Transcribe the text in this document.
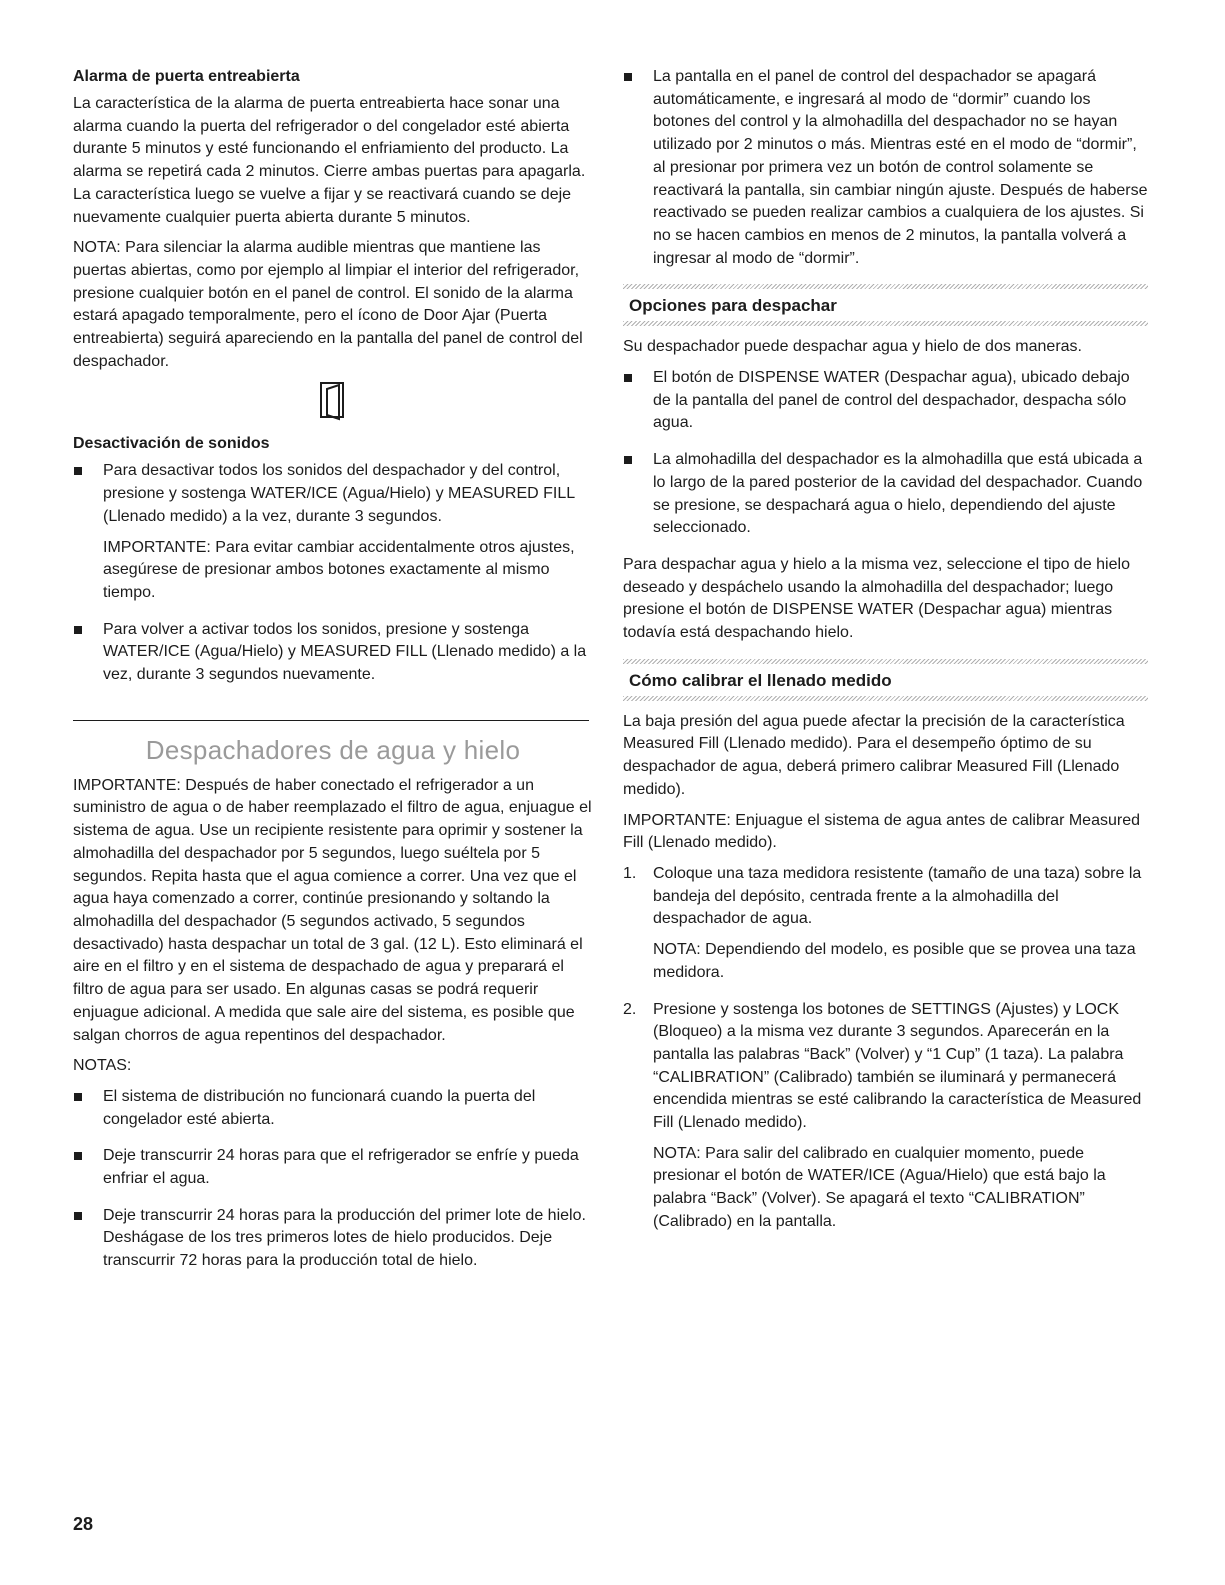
Alarma de puerta entreabierta

La característica de la alarma de puerta entreabierta hace sonar una alarma cuando la puerta del refrigerador o del congelador esté abierta durante 5 minutos y esté funcionando el enfriamiento del producto. La alarma se repetirá cada 2 minutos. Cierre ambas puertas para apagarla. La característica luego se vuelve a fijar y se reactivará cuando se deje nuevamente cualquier puerta abierta durante 5 minutos.

NOTA: Para silenciar la alarma audible mientras que mantiene las puertas abiertas, como por ejemplo al limpiar el interior del refrigerador, presione cualquier botón en el panel de control. El sonido de la alarma estará apagado temporalmente, pero el ícono de Door Ajar (Puerta entreabierta) seguirá apareciendo en la pantalla del panel de control del despachador.

Desactivación de sonidos

Para desactivar todos los sonidos del despachador y del control, presione y sostenga WATER/ICE (Agua/Hielo) y MEASURED FILL (Llenado medido) a la vez, durante 3 segundos.

IMPORTANTE: Para evitar cambiar accidentalmente otros ajustes, asegúrese de presionar ambos botones exactamente al mismo tiempo.

Para volver a activar todos los sonidos, presione y sostenga WATER/ICE (Agua/Hielo) y MEASURED FILL (Llenado medido) a la vez, durante 3 segundos nuevamente.

Despachadores de agua y hielo

IMPORTANTE: Después de haber conectado el refrigerador a un suministro de agua o de haber reemplazado el filtro de agua, enjuague el sistema de agua. Use un recipiente resistente para oprimir y sostener la almohadilla del despachador por 5 segundos, luego suéltela por 5 segundos. Repita hasta que el agua comience a correr. Una vez que el agua haya comenzado a correr, continúe presionando y soltando la almohadilla del despachador (5 segundos activado, 5 segundos desactivado) hasta despachar un total de 3 gal. (12 L). Esto eliminará el aire en el filtro y en el sistema de despachado de agua y preparará el filtro de agua para ser usado. En algunas casas se podrá requerir enjuague adicional. A medida que sale aire del sistema, es posible que salgan chorros de agua repentinos del despachador.

NOTAS:

El sistema de distribución no funcionará cuando la puerta del congelador esté abierta.

Deje transcurrir 24 horas para que el refrigerador se enfríe y pueda enfriar el agua.

Deje transcurrir 24 horas para la producción del primer lote de hielo. Deshágase de los tres primeros lotes de hielo producidos. Deje transcurrir 72 horas para la producción total de hielo.

La pantalla en el panel de control del despachador se apagará automáticamente, e ingresará al modo de “dormir” cuando los botones del control y la almohadilla del despachador no se hayan utilizado por 2 minutos o más. Mientras esté en el modo de “dormir”, al presionar por primera vez un botón de control solamente se reactivará la pantalla, sin cambiar ningún ajuste. Después de haberse reactivado se pueden realizar cambios a cualquiera de los ajustes. Si no se hacen cambios en menos de 2 minutos, la pantalla volverá a ingresar al modo de “dormir”.

Opciones para despachar

Su despachador puede despachar agua y hielo de dos maneras.

El botón de DISPENSE WATER (Despachar agua), ubicado debajo de la pantalla del panel de control del despachador, despacha sólo agua.

La almohadilla del despachador es la almohadilla que está ubicada a lo largo de la pared posterior de la cavidad del despachador. Cuando se presione, se despachará agua o hielo, dependiendo del ajuste seleccionado.

Para despachar agua y hielo a la misma vez, seleccione el tipo de hielo deseado y despáchelo usando la almohadilla del despachador; luego presione el botón de DISPENSE WATER (Despachar agua) mientras todavía está despachando hielo.

Cómo calibrar el llenado medido

La baja presión del agua puede afectar la precisión de la característica Measured Fill (Llenado medido). Para el desempeño óptimo de su despachador de agua, deberá primero calibrar Measured Fill (Llenado medido).

IMPORTANTE: Enjuague el sistema de agua antes de calibrar Measured Fill (Llenado medido).

1. Coloque una taza medidora resistente (tamaño de una taza) sobre la bandeja del depósito, centrada frente a la almohadilla del despachador de agua.

NOTA: Dependiendo del modelo, es posible que se provea una taza medidora.

2. Presione y sostenga los botones de SETTINGS (Ajustes) y LOCK (Bloqueo) a la misma vez durante 3 segundos. Aparecerán en la pantalla las palabras “Back” (Volver) y “1 Cup” (1 taza). La palabra “CALIBRATION” (Calibrado) también se iluminará y permanecerá encendida mientras se esté calibrando la característica de Measured Fill (Llenado medido).

NOTA: Para salir del calibrado en cualquier momento, puede presionar el botón de WATER/ICE (Agua/Hielo) que está bajo la palabra “Back” (Volver). Se apagará el texto “CALIBRATION” (Calibrado) en la pantalla.

28
